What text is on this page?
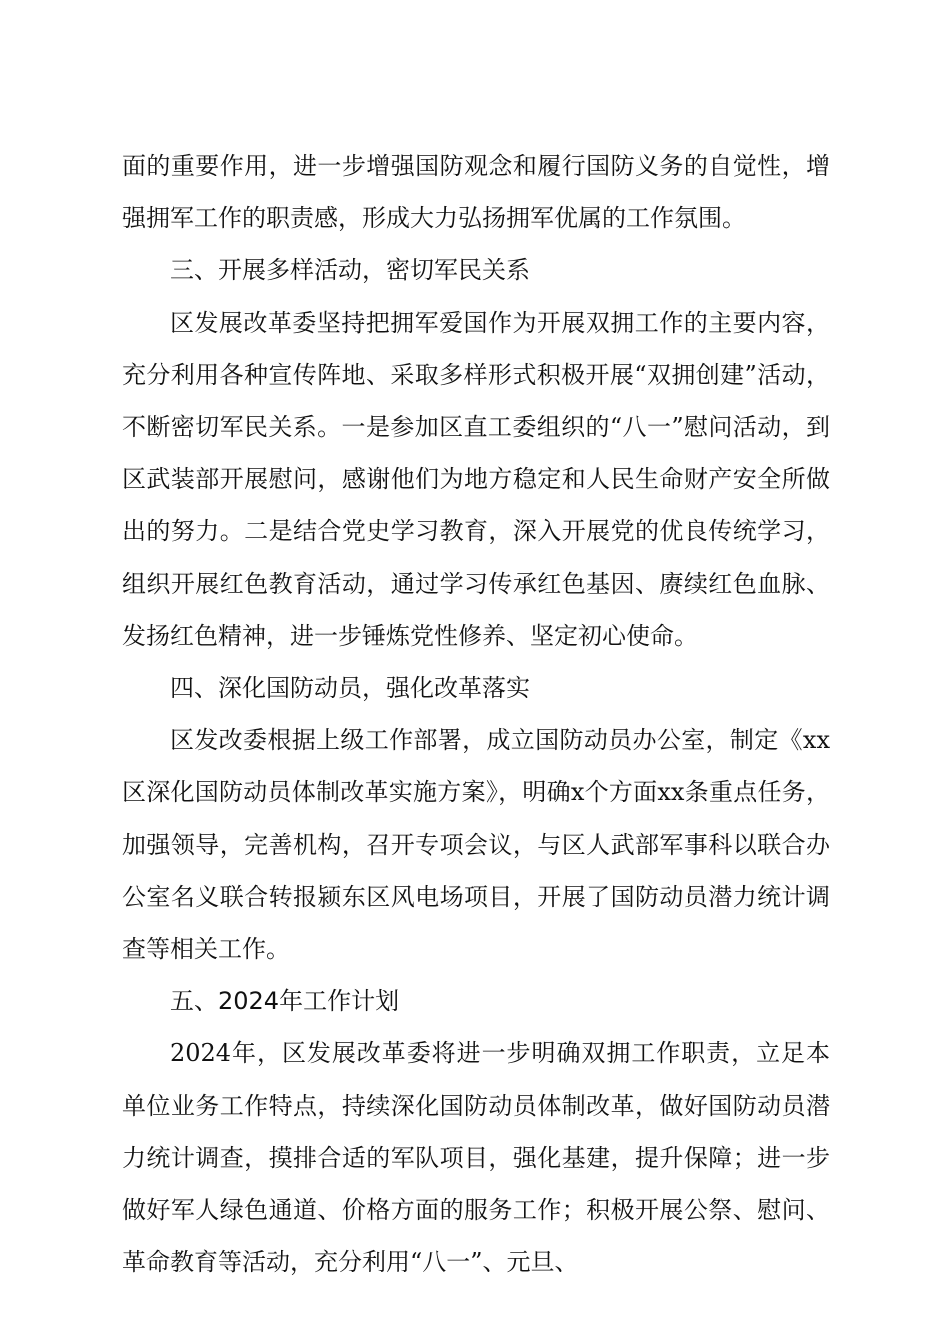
面的重要作用，进一步增强国防观念和履行国防义务的自觉性，增强拥军工作的职责感，形成大力弘扬拥军优属的工作氛围。

三、开展多样活动，密切军民关系

区发展改革委坚持把拥军爱国作为开展双拥工作的主要内容，充分利用各种宣传阵地、采取多样形式积极开展“双拥创建”活动，不断密切军民关系。一是参加区直工委组织的“八一”慰问活动，到区武装部开展慰问，感谢他们为地方稳定和人民生命财产安全所做出的努力。二是结合党史学习教育，深入开展党的优良传统学习，组织开展红色教育活动，通过学习传承红色基因、赓续红色血脉、发扬红色精神，进一步锤炼党性修养、坚定初心使命。

四、深化国防动员，强化改革落实

区发改委根据上级工作部署，成立国防动员办公室，制定《xx区深化国防动员体制改革实施方案》，明确x个方面xx条重点任务，加强领导，完善机构，召开专项会议，与区人武部军事科以联合办公室名义联合转报颍东区风电场项目，开展了国防动员潜力统计调查等相关工作。

五、2024年工作计划

2024年，区发展改革委将进一步明确双拥工作职责，立足本单位业务工作特点，持续深化国防动员体制改革，做好国防动员潜力统计调查，摸排合适的军队项目，强化基建，提升保障；进一步做好军人绿色通道、价格方面的服务工作；积极开展公祭、慰问、革命教育等活动，充分利用“八一”、元旦、
